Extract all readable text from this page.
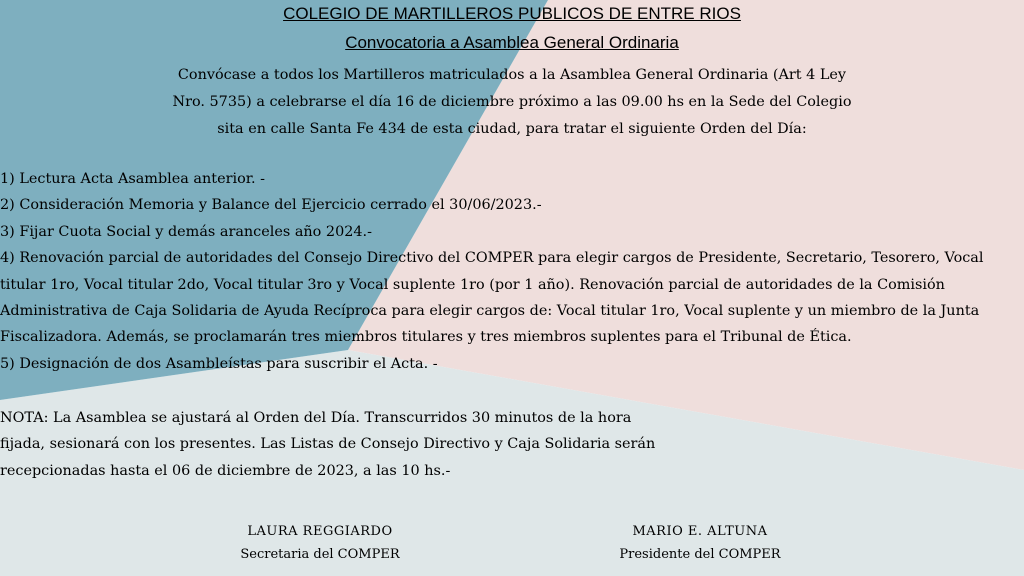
COLEGIO DE MARTILLEROS PUBLICOS DE ENTRE RIOS
Convocatoria a Asamblea General Ordinaria

Convócase a todos los Martilleros matriculados a la Asamblea General Ordinaria (Art 4 Ley Nro. 5735) a celebrarse el día 16 de diciembre próximo a las 09.00 hs en la Sede del Colegio sita en calle Santa Fe 434 de esta ciudad, para tratar el siguiente Orden del Día:

1) Lectura Acta Asamblea anterior. -
2) Consideración Memoria y Balance del Ejercicio cerrado el 30/06/2023.-
3) Fijar Cuota Social y demás aranceles año 2024.-
4) Renovación parcial de autoridades del Consejo Directivo del COMPER para elegir cargos de Presidente, Secretario, Tesorero, Vocal titular 1ro, Vocal titular 2do, Vocal titular 3ro y Vocal suplente 1ro (por 1 año). Renovación parcial de autoridades de la Comisión Administrativa de Caja Solidaria de Ayuda Recíproca para elegir cargos de: Vocal titular 1ro, Vocal suplente y un miembro de la Junta Fiscalizadora. Además, se proclamarán tres miembros titulares y tres miembros suplentes para el Tribunal de Ética.
5) Designación de dos Asambleístas para suscribir el Acta. -

NOTA: La Asamblea se ajustará al Orden del Día. Transcurridos 30 minutos de la hora fijada, sesionará con los presentes. Las Listas de Consejo Directivo y Caja Solidaria serán recepcionadas hasta el 06 de diciembre de 2023, a las 10 hs.-

LAURA REGGIARDO
Secretaria del COMPER
MARIO E. ALTUNA
Presidente del COMPER
